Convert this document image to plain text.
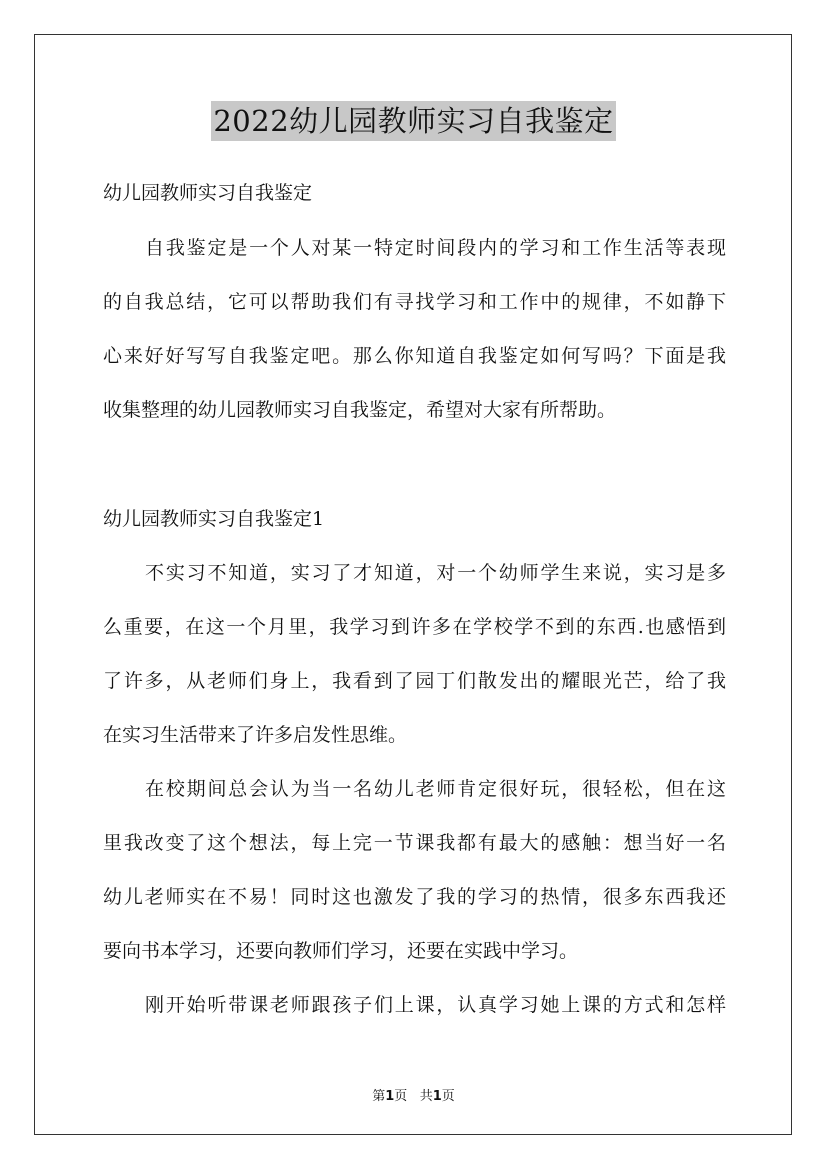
2022幼儿园教师实习自我鉴定
幼儿园教师实习自我鉴定
自我鉴定是一个人对某一特定时间段内的学习和工作生活等表现
的自我总结，它可以帮助我们有寻找学习和工作中的规律，不如静下
心来好好写写自我鉴定吧。那么你知道自我鉴定如何写吗？下面是我
收集整理的幼儿园教师实习自我鉴定，希望对大家有所帮助。
幼儿园教师实习自我鉴定1
不实习不知道，实习了才知道，对一个幼师学生来说，实习是多
么重要，在这一个月里，我学习到许多在学校学不到的东西.也感悟到
了许多，从老师们身上，我看到了园丁们散发出的耀眼光芒，给了我
在实习生活带来了许多启发性思维。
在校期间总会认为当一名幼儿老师肯定很好玩，很轻松，但在这
里我改变了这个想法，每上完一节课我都有最大的感触：想当好一名
幼儿老师实在不易！同时这也激发了我的学习的热情，很多东西我还
要向书本学习，还要向教师们学习，还要在实践中学习。
刚开始听带课老师跟孩子们上课，认真学习她上课的方式和怎样
第1页 共1页
